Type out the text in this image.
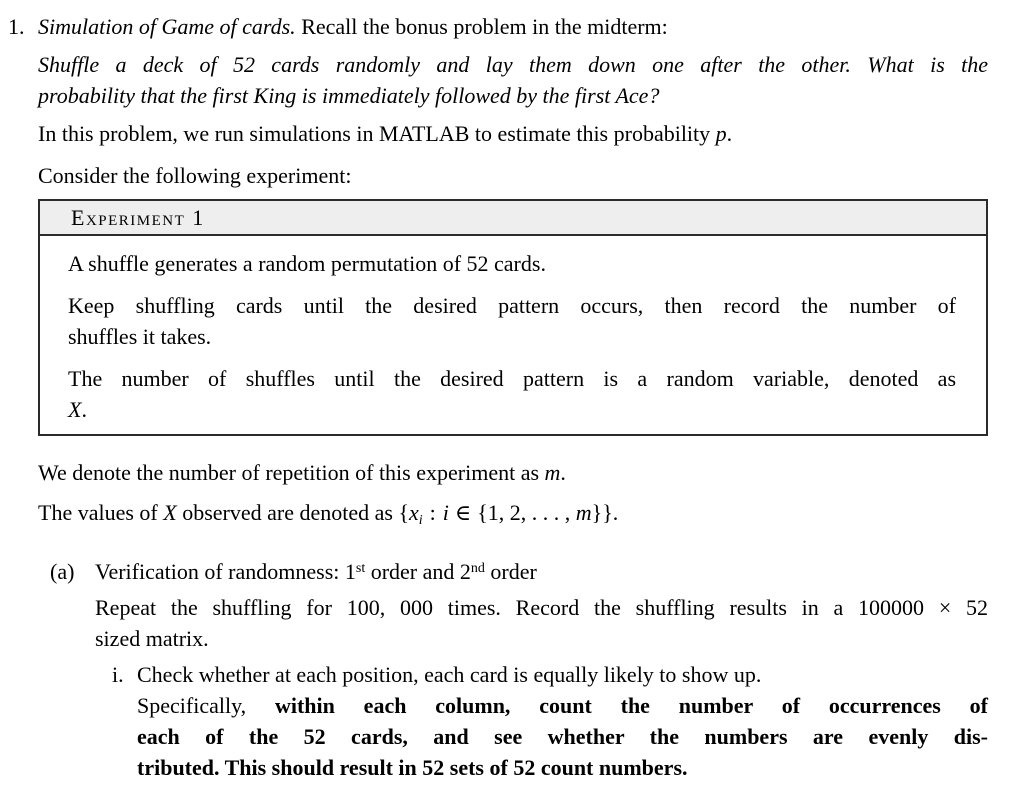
1. Simulation of Game of cards. Recall the bonus problem in the midterm:
Shuffle a deck of 52 cards randomly and lay them down one after the other. What is the
probability that the first King is immediately followed by the first Ace?
In this problem, we run simulations in MATLAB to estimate this probability p.
Consider the following experiment:
Experiment 1
A shuffle generates a random permutation of 52 cards.
Keep shuffling cards until the desired pattern occurs, then record the number of
shuffles it takes.
The number of shuffles until the desired pattern is a random variable, denoted as
X.
We denote the number of repetition of this experiment as m.
The values of X observed are denoted as {xi : i ∈ {1, 2, . . . , m}}.
(a) Verification of randomness: 1st order and 2nd order
Repeat the shuffling for 100, 000 times. Record the shuffling results in a 100000 × 52
sized matrix.
i. Check whether at each position, each card is equally likely to show up.
Specifically, within each column, count the number of occurrences of
each of the 52 cards, and see whether the numbers are evenly dis-
tributed. This should result in 52 sets of 52 count numbers.
